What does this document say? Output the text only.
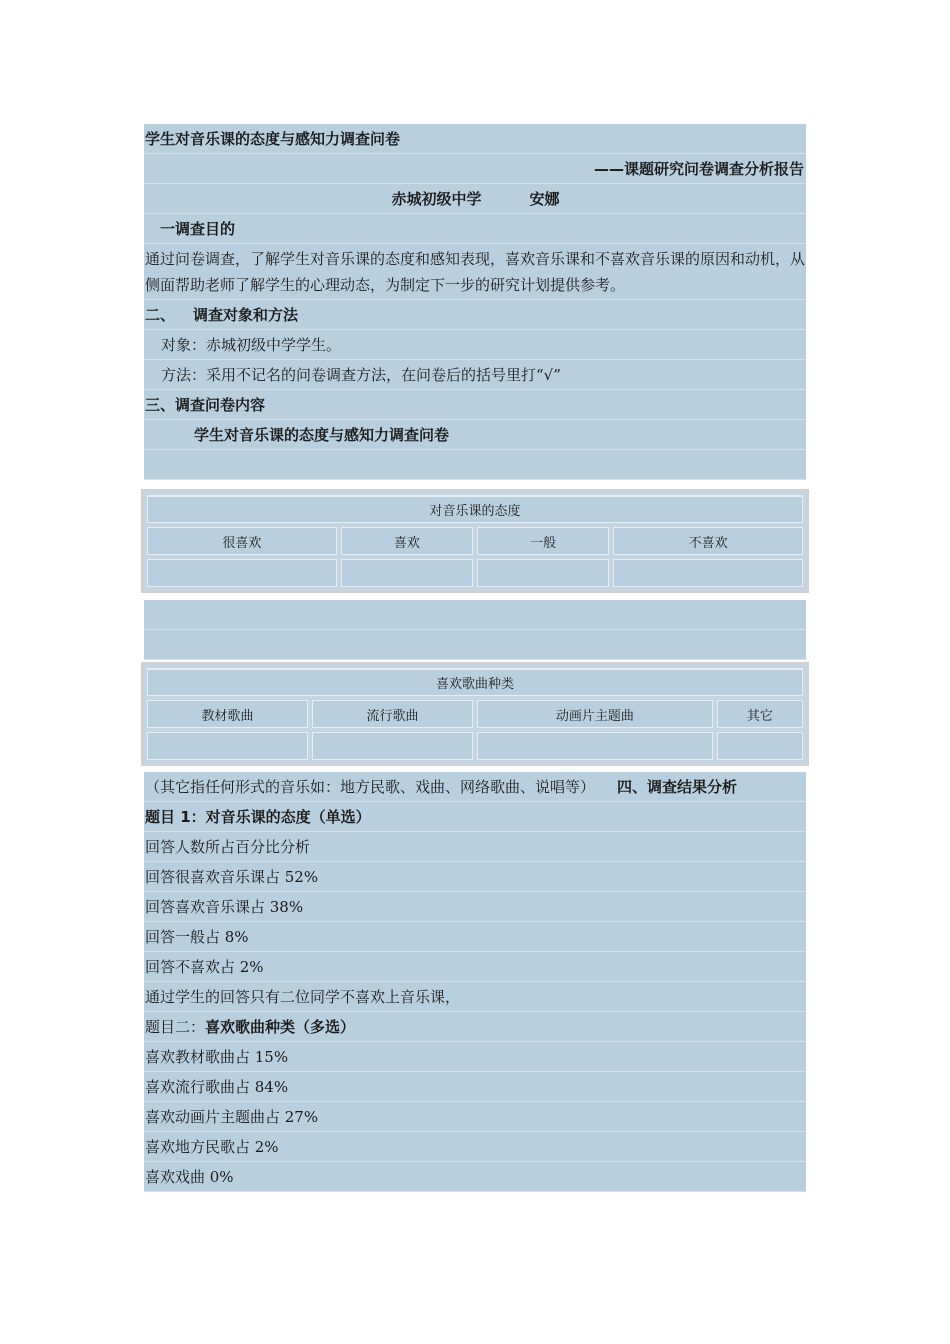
学生对音乐课的态度与感知力调查问卷
——课题研究问卷调查分析报告
赤城初级中学	安娜
一调查目的
通过问卷调查，了解学生对音乐课的态度和感知表现，喜欢音乐课和不喜欢音乐课的原因和动机，从侧面帮助老师了解学生的心理动态，为制定下一步的研究计划提供参考。
二、 调查对象和方法
对象：赤城初级中学学生。
方法：采用不记名的问卷调查方法，在问卷后的括号里打“√”
三、调查问卷内容
学生对音乐课的态度与感知力调查问卷
对音乐课的态度			
很喜欢	喜欢	一般	不喜欢

喜欢歌曲种类			
教材歌曲	流行歌曲	动画片主题曲	其它

（其它指任何形式的音乐如：地方民歌、戏曲、网络歌曲、说唱等） 四、调查结果分析
题目 1：对音乐课的态度（单选）
回答人数所占百分比分析
回答很喜欢音乐课占 52%
回答喜欢音乐课占 38%
回答一般占 8%
回答不喜欢占 2%
通过学生的回答只有二位同学不喜欢上音乐课，
题目二：喜欢歌曲种类（多选）
喜欢教材歌曲占 15%
喜欢流行歌曲占 84%
喜欢动画片主题曲占 27%
喜欢地方民歌占 2%
喜欢戏曲 0%
